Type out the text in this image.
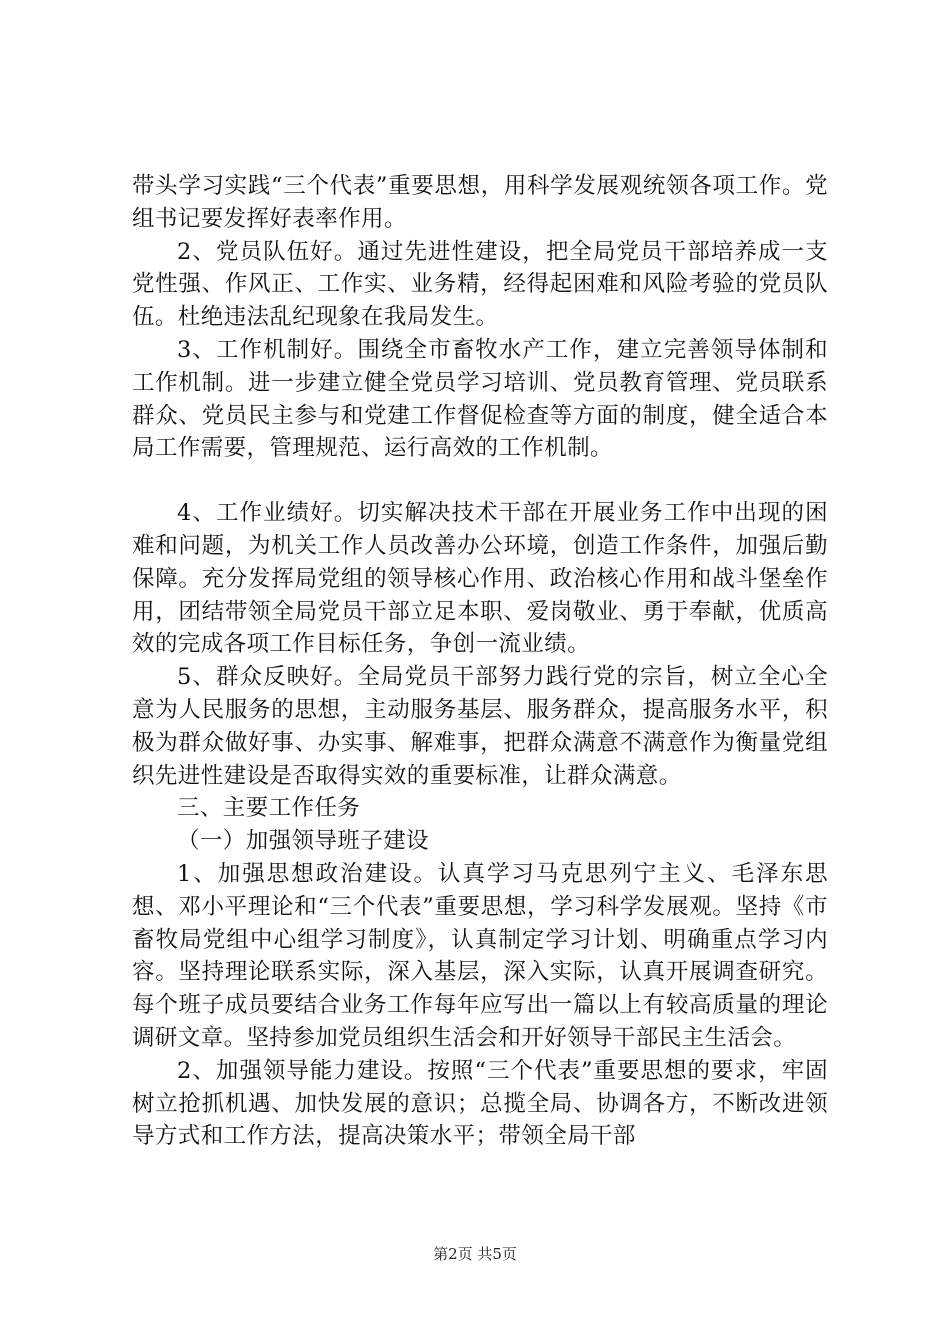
带头学习实践“三个代表”重要思想，用科学发展观统领各项工作。党组书记要发挥好表率作用。

2、党员队伍好。通过先进性建设，把全局党员干部培养成一支党性强、作风正、工作实、业务精，经得起困难和风险考验的党员队伍。杜绝违法乱纪现象在我局发生。

3、工作机制好。围绕全市畜牧水产工作，建立完善领导体制和工作机制。进一步建立健全党员学习培训、党员教育管理、党员联系群众、党员民主参与和党建工作督促检查等方面的制度，健全适合本局工作需要，管理规范、运行高效的工作机制。

4、工作业绩好。切实解决技术干部在开展业务工作中出现的困难和问题，为机关工作人员改善办公环境，创造工作条件，加强后勤保障。充分发挥局党组的领导核心作用、政治核心作用和战斗堡垒作用，团结带领全局党员干部立足本职、爱岗敬业、勇于奉献，优质高效的完成各项工作目标任务，争创一流业绩。

5、群众反映好。全局党员干部努力践行党的宗旨，树立全心全意为人民服务的思想，主动服务基层、服务群众，提高服务水平，积极为群众做好事、办实事、解难事，把群众满意不满意作为衡量党组织先进性建设是否取得实效的重要标准，让群众满意。

三、主要工作任务

（一）加强领导班子建设

1、加强思想政治建设。认真学习马克思列宁主义、毛泽东思想、邓小平理论和“三个代表”重要思想，学习科学发展观。坚持《市畜牧局党组中心组学习制度》，认真制定学习计划、明确重点学习内容。坚持理论联系实际，深入基层，深入实际，认真开展调查研究。每个班子成员要结合业务工作每年应写出一篇以上有较高质量的理论调研文章。坚持参加党员组织生活会和开好领导干部民主生活会。

2、加强领导能力建设。按照“三个代表”重要思想的要求，牢固树立抢抓机遇、加快发展的意识；总揽全局、协调各方，不断改进领导方式和工作方法，提高决策水平；带领全局干部

第2页 共5页
